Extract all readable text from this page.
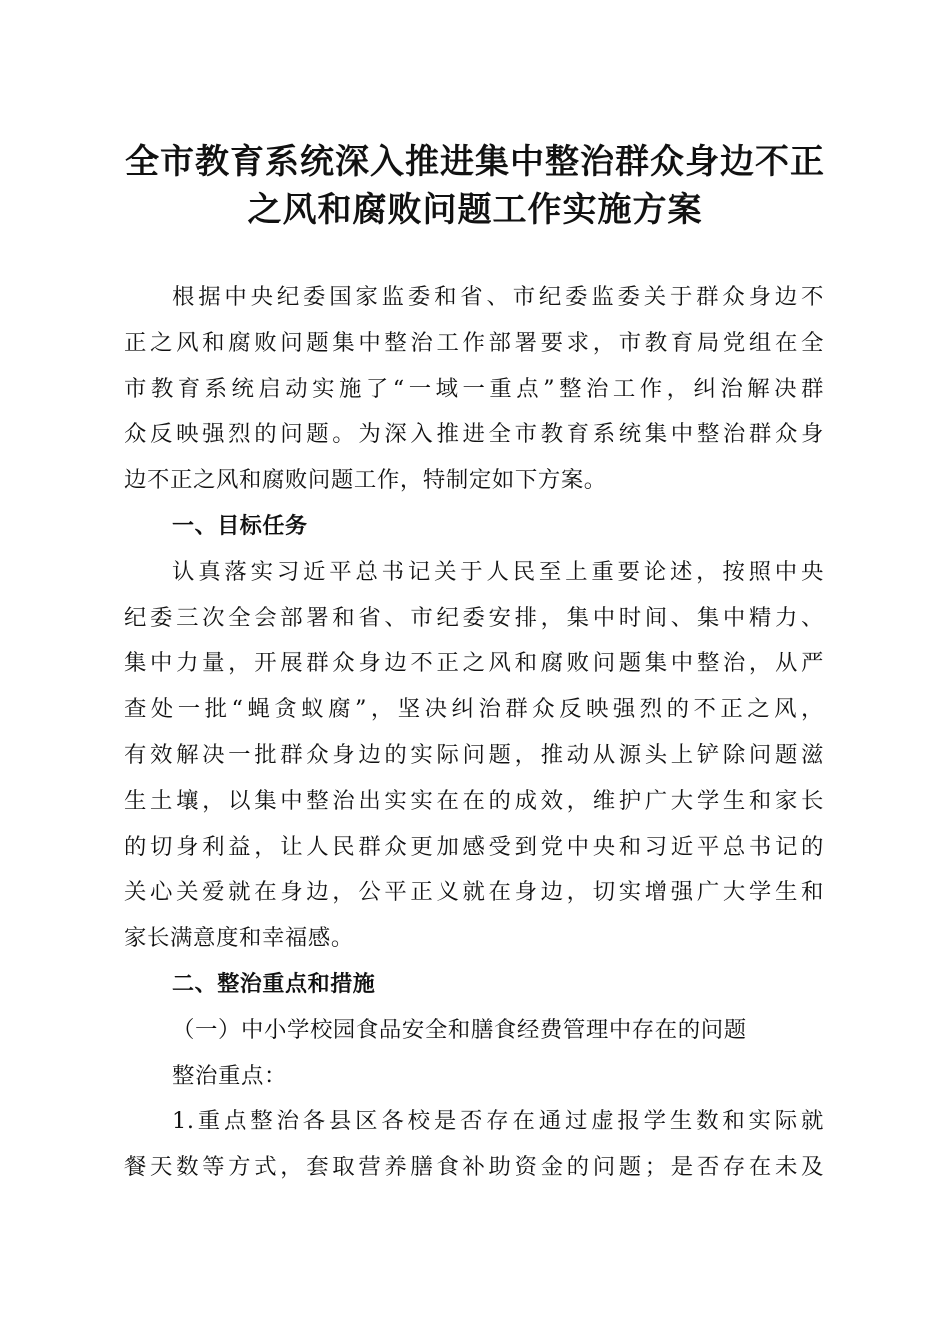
全市教育系统深入推进集中整治群众身边不正
之风和腐败问题工作实施方案
根据中央纪委国家监委和省、市纪委监委关于群众身边不
正之风和腐败问题集中整治工作部署要求，市教育局党组在全
市教育系统启动实施了“一域一重点”整治工作，纠治解决群
众反映强烈的问题。为深入推进全市教育系统集中整治群众身
边不正之风和腐败问题工作，特制定如下方案。
一、目标任务
认真落实习近平总书记关于人民至上重要论述，按照中央
纪委三次全会部署和省、市纪委安排，集中时间、集中精力、
集中力量，开展群众身边不正之风和腐败问题集中整治，从严
查处一批“蝇贪蚁腐”，坚决纠治群众反映强烈的不正之风，
有效解决一批群众身边的实际问题，推动从源头上铲除问题滋
生土壤，以集中整治出实实在在的成效，维护广大学生和家长
的切身利益，让人民群众更加感受到党中央和习近平总书记的
关心关爱就在身边，公平正义就在身边，切实增强广大学生和
家长满意度和幸福感。
二、整治重点和措施
（一）中小学校园食品安全和膳食经费管理中存在的问题
整治重点：
1.重点整治各县区各校是否存在通过虚报学生数和实际就
餐天数等方式，套取营养膳食补助资金的问题；是否存在未及
